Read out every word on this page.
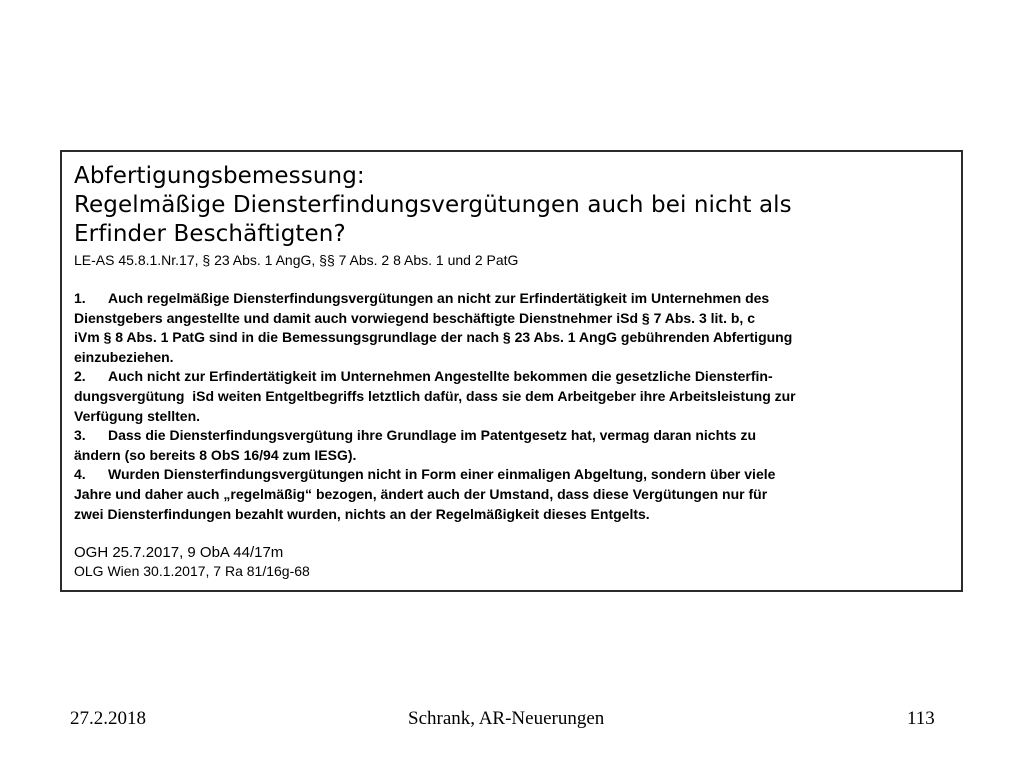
Abfertigungsbemessung:
Regelmäßige Diensterfindungsvergütungen auch bei nicht als
Erfinder Beschäftigten?
LE-AS 45.8.1.Nr.17, § 23 Abs. 1 AngG, §§ 7 Abs. 2 8 Abs. 1 und 2 PatG
1. Auch regelmäßige Diensterfindungsvergütungen an nicht zur Erfindertätigkeit im Unternehmen des
Dienstgebers angestellte und damit auch vorwiegend beschäftigte Dienstnehmer iSd § 7 Abs. 3 lit. b, c
iVm § 8 Abs. 1 PatG sind in die Bemessungsgrundlage der nach § 23 Abs. 1 AngG gebührenden Abfertigung
einzubeziehen.
2. Auch nicht zur Erfindertätigkeit im Unternehmen Angestellte bekommen die gesetzliche Diensterfin-
dungsvergütung  iSd weiten Entgeltbegriffs letztlich dafür, dass sie dem Arbeitgeber ihre Arbeitsleistung zur
Verfügung stellten.
3. Dass die Diensterfindungsvergütung ihre Grundlage im Patentgesetz hat, vermag daran nichts zu
ändern (so bereits 8 ObS 16/94 zum IESG).
4. Wurden Diensterfindungsvergütungen nicht in Form einer einmaligen Abgeltung, sondern über viele
Jahre und daher auch „regelmäßig“ bezogen, ändert auch der Umstand, dass diese Vergütungen nur für
zwei Diensterfindungen bezahlt wurden, nichts an der Regelmäßigkeit dieses Entgelts.
OGH 25.7.2017, 9 ObA 44/17m
OLG Wien 30.1.2017, 7 Ra 81/16g-68
27.2.2018	Schrank, AR-Neuerungen	113
